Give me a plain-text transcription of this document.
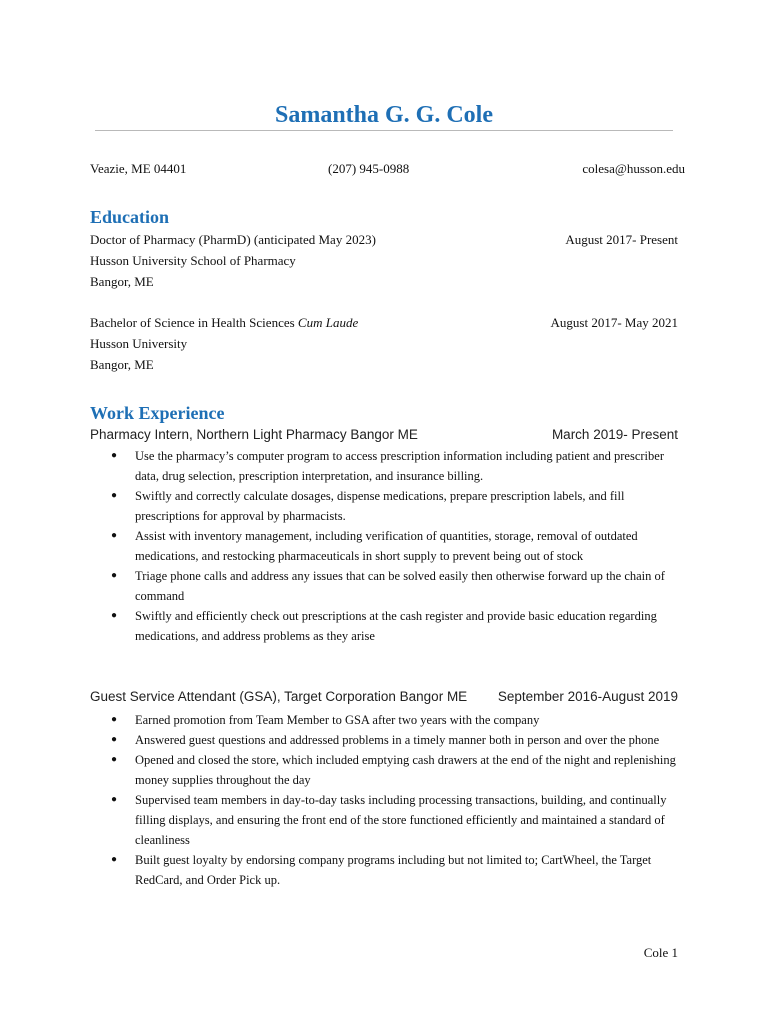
Samantha G. G. Cole
Veazie, ME 04401	(207) 945-0988	colesa@husson.edu
Education
Doctor of Pharmacy (PharmD) (anticipated May 2023)	August 2017- Present
Husson University School of Pharmacy
Bangor, ME
Bachelor of Science in Health Sciences Cum Laude	August 2017- May 2021
Husson University
Bangor, ME
Work Experience
Pharmacy Intern, Northern Light Pharmacy Bangor ME	March 2019- Present
● Use the pharmacy’s computer program to access prescription information including patient and prescriber data, drug selection, prescription interpretation, and insurance billing.
● Swiftly and correctly calculate dosages, dispense medications, prepare prescription labels, and fill prescriptions for approval by pharmacists.
● Assist with inventory management, including verification of quantities, storage, removal of outdated medications, and restocking pharmaceuticals in short supply to prevent being out of stock
● Triage phone calls and address any issues that can be solved easily then otherwise forward up the chain of command
● Swiftly and efficiently check out prescriptions at the cash register and provide basic education regarding medications, and address problems as they arise
Guest Service Attendant (GSA), Target Corporation Bangor ME September 2016-August 2019
● Earned promotion from Team Member to GSA after two years with the company
● Answered guest questions and addressed problems in a timely manner both in person and over the phone
● Opened and closed the store, which included emptying cash drawers at the end of the night and replenishing money supplies throughout the day
● Supervised team members in day-to-day tasks including processing transactions, building, and continually filling displays, and ensuring the front end of the store functioned efficiently and maintained a standard of cleanliness
● Built guest loyalty by endorsing company programs including but not limited to; CartWheel, the Target RedCard, and Order Pick up.
Cole 1
